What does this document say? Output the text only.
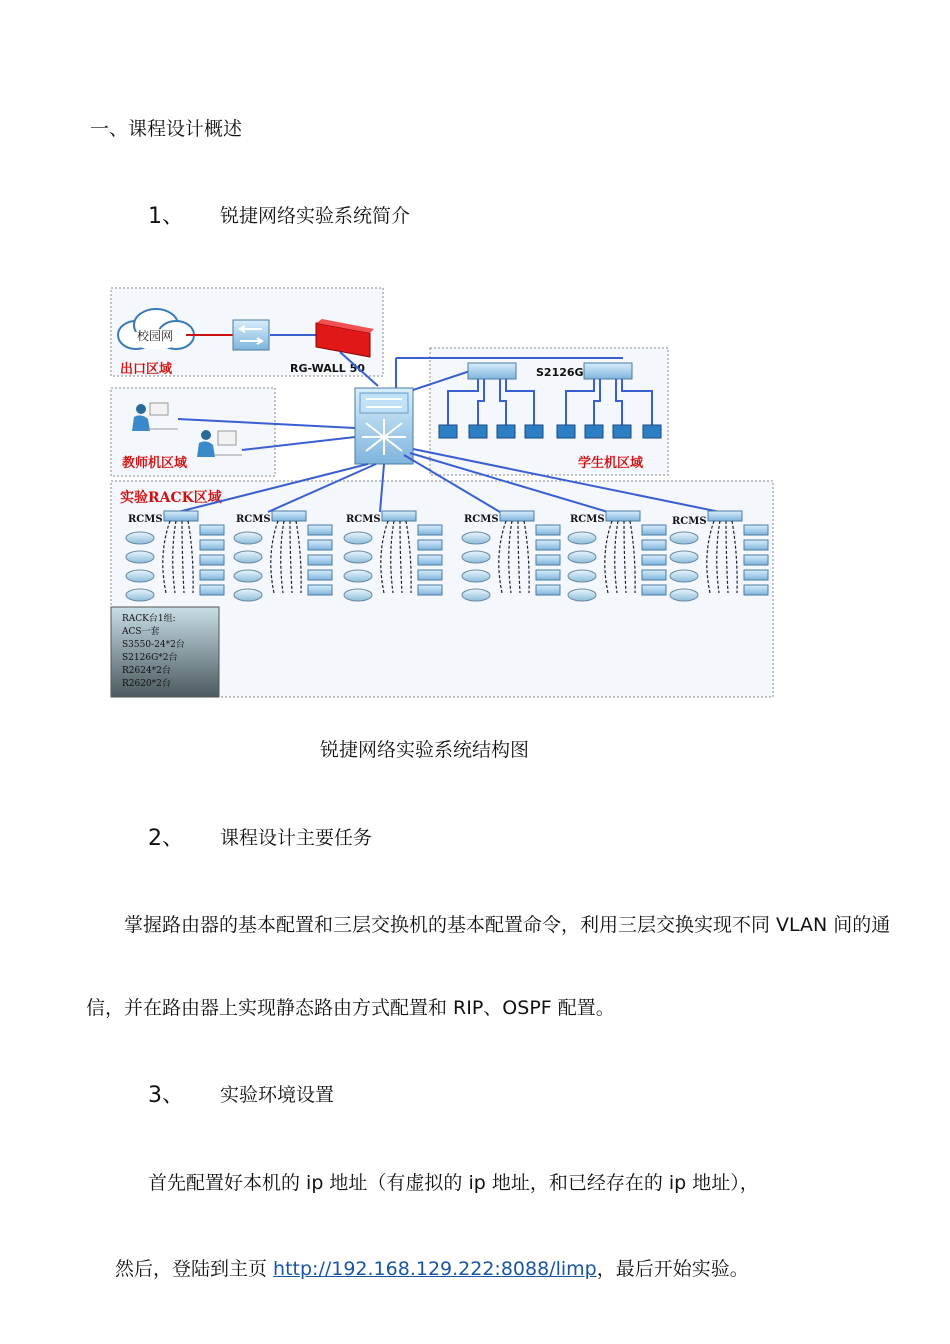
一、课程设计概述
1、 锐捷网络实验系统简介
校园网
RG-WALL 50
出口区域
教师机区域
S2126G
学生机区域
实验RACK区域
RCMS	RCMS	RCMS	RCMS	RCMS	RCMS
RACK台1组:
ACS一套
S3550-24*2台
S2126G*2台
R2624*2台
R2620*2台
锐捷网络实验系统结构图
2、 课程设计主要任务
掌握路由器的基本配置和三层交换机的基本配置命令，利用三层交换实现不同 VLAN 间的通
信，并在路由器上实现静态路由方式配置和 RIP、OSPF 配置。
3、 实验环境设置
首先配置好本机的 ip 地址（有虚拟的 ip 地址，和已经存在的 ip 地址），
然后，登陆到主页 http://192.168.129.222:8088/limp，最后开始实验。
